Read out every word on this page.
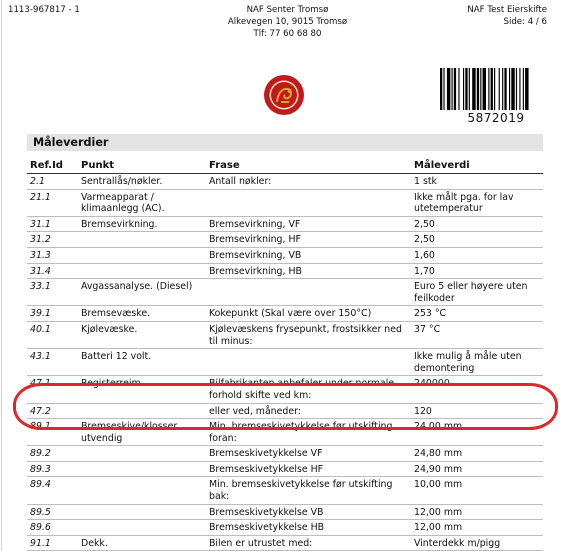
1113-967817 - 1	NAF Senter Tromsø
Alkevegen 10, 9015 Tromsø
Tlf: 77 60 68 80
NAF Test Eierskifte
Side: 4 / 6
5872019
Måleverdier
Ref.Id	Punkt	Frase	Måleverdi
2.1	Sentrallås/nøkler.	Antall nøkler:	1 stk
21.1	Varmeapparat / klimaanlegg (AC).		Ikke målt pga. for lav utetemperatur
31.1	Bremsevirkning.	Bremsevirkning, VF	2,50
31.2		Bremsevirkning, HF	2,50
31.3		Bremsevirkning, VB	1,60
31.4		Bremsevirkning, HB	1,70
33.1	Avgassanalyse. (Diesel)		Euro 5 eller høyere uten feilkoder
39.1	Bremsevæske.	Kokepunkt (Skal være over 150°C)	253 °C
40.1	Kjølevæske.	Kjølevæskens frysepunkt, frostsikker ned til minus:	37 °C
43.1	Batteri 12 volt.		Ikke mulig å måle uten demontering
47.1	Registerreim.	Bilfabrikanten anbefaler under normale forhold skifte ved km:	240000
47.2		eller ved, måneder:	120
89.1	Bremseskive/klosser utvendig	Min. bremseskivetykkelse før utskifting foran:	24,00 mm
89.2		Bremseskivetykkelse VF	24,80 mm
89.3		Bremseskivetykkelse HF	24,90 mm
89.4		Min. bremseskivetykkelse før utskifting bak:	10,00 mm
89.5		Bremseskivetykkelse VB	12,00 mm
89.6		Bremseskivetykkelse HB	12,00 mm
91.1	Dekk.	Bilen er utrustet med:	Vinterdekk m/pigg
